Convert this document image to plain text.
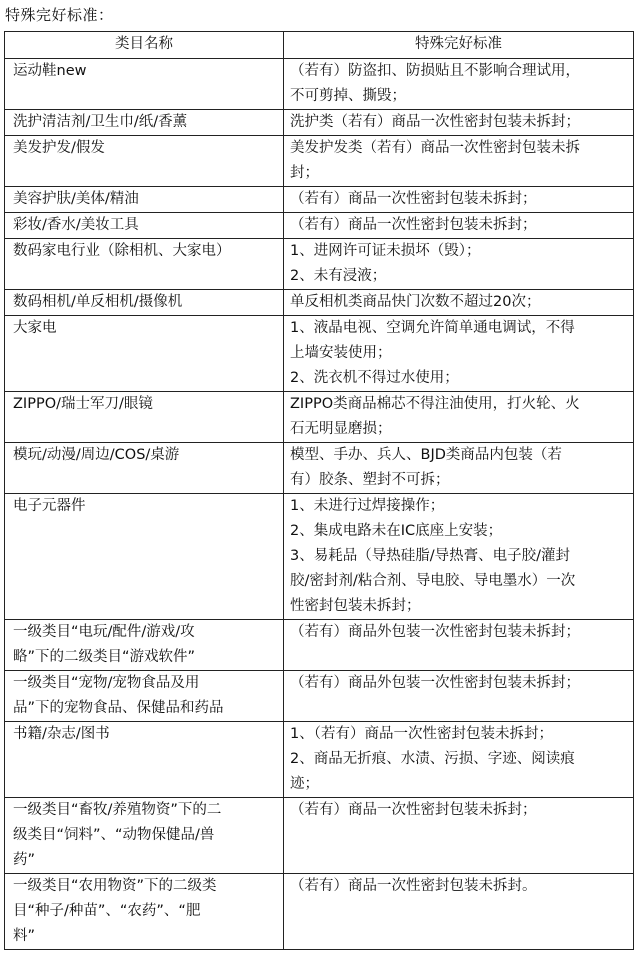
特殊完好标准：
类目名称	特殊完好标准

运动鞋new	（若有）防盗扣、防损贴且不影响合理试用，
不可剪掉、撕毁；

洗护清洁剂/卫生巾/纸/香薰	洗护类（若有）商品一次性密封包装未拆封；

美发护发/假发	美发护发类（若有）商品一次性密封包装未拆
封；

美容护肤/美体/精油	（若有）商品一次性密封包装未拆封；

彩妆/香水/美妆工具	（若有）商品一次性密封包装未拆封；

数码家电行业（除相机、大家电）	1、进网许可证未损坏（毁）；
2、未有浸液；

数码相机/单反相机/摄像机	单反相机类商品快门次数不超过20次；

大家电	1、液晶电视、空调允许简单通电调试，不得
上墙安装使用；
2、洗衣机不得过水使用；

ZIPPO/瑞士军刀/眼镜	ZIPPO类商品棉芯不得注油使用，打火轮、火
石无明显磨损；

模玩/动漫/周边/COS/桌游	模型、手办、兵人、BJD类商品内包装（若
有）胶条、塑封不可拆；

电子元器件	1、未进行过焊接操作；
2、集成电路未在IC底座上安装；
3、易耗品（导热硅脂/导热膏、电子胶/灌封
胶/密封剂/粘合剂、导电胶、导电墨水）一次
性密封包装未拆封；

一级类目“电玩/配件/游戏/攻
略”下的二级类目“游戏软件”	（若有）商品外包装一次性密封包装未拆封；

一级类目“宠物/宠物食品及用
品”下的宠物食品、保健品和药品	（若有）商品外包装一次性密封包装未拆封；

书籍/杂志/图书	1、（若有）商品一次性密封包装未拆封；
2、商品无折痕、水渍、污损、字迹、阅读痕
迹；

一级类目“畜牧/养殖物资”下的二
级类目“饲料”、“动物保健品/兽
药”	（若有）商品一次性密封包装未拆封；

一级类目“农用物资”下的二级类
目“种子/种苗”、“农药”、“肥
料”	（若有）商品一次性密封包装未拆封。
